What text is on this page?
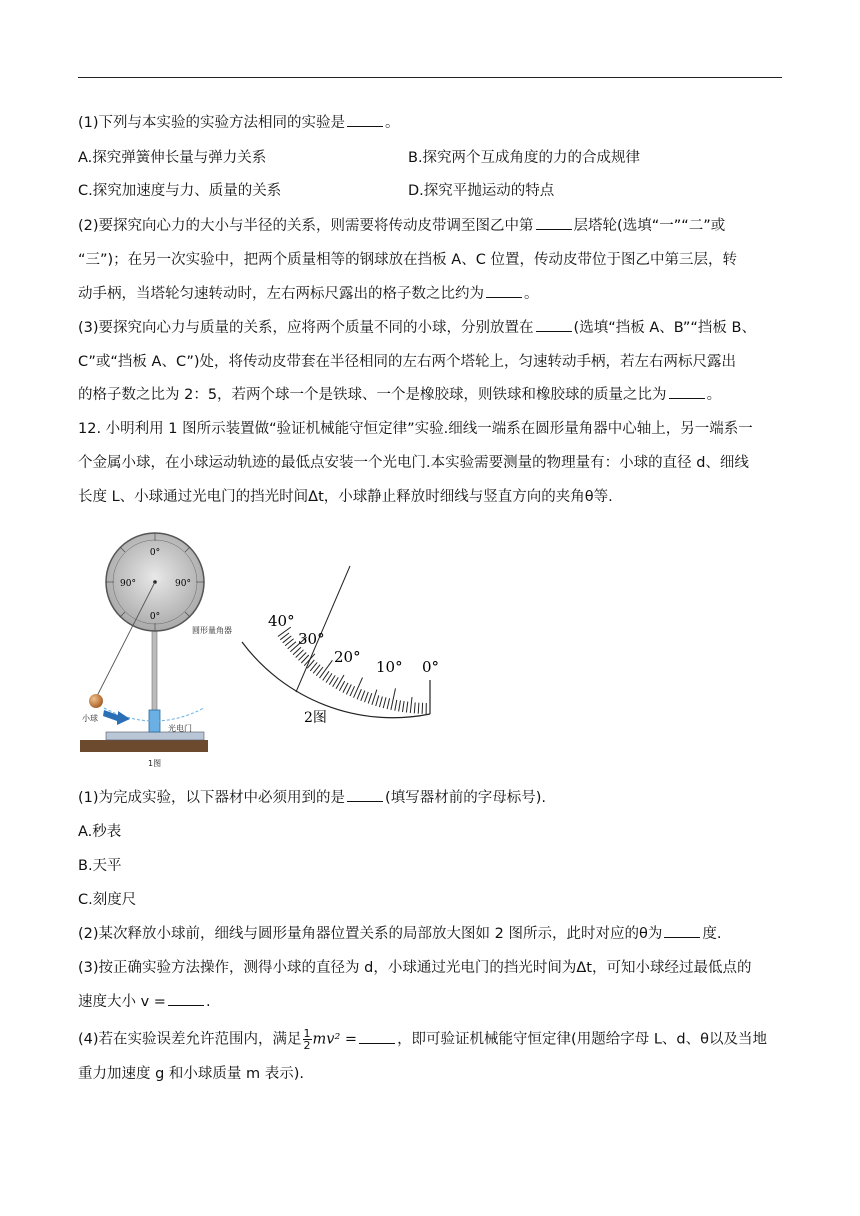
(1)下列与本实验的实验方法相同的实验是	。
A.探究弹簧伸长量与弹力关系	B.探究两个互成角度的力的合成规律
C.探究加速度与力、质量的关系	D.探究平抛运动的特点
(2)要探究向心力的大小与半径的关系，则需要将传动皮带调至图乙中第	层塔轮(选填“一”“二”或
“三”)；在另一次实验中，把两个质量相等的钢球放在挡板 A、C 位置，传动皮带位于图乙中第三层，转
动手柄，当塔轮匀速转动时，左右两标尺露出的格子数之比约为	。
(3)要探究向心力与质量的关系，应将两个质量不同的小球，分别放置在	(选填“挡板 A、B”“挡板 B、
C”或“挡板 A、C”)处，将传动皮带套在半径相同的左右两个塔轮上，匀速转动手柄，若左右两标尺露出
的格子数之比为 2：5，若两个球一个是铁球、一个是橡胶球，则铁球和橡胶球的质量之比为	。
12. 小明利用 1 图所示装置做“验证机械能守恒定律”实验.细线一端系在圆形量角器中心轴上，另一端系一
个金属小球，在小球运动轨迹的最低点安装一个光电门.本实验需要测量的物理量有：小球的直径 d、细线
长度 L、小球通过光电门的挡光时间Δt，小球静止释放时细线与竖直方向的夹角θ等.
0°
0°
90°	90°
圆形量角器
小球
光电门
1图
40°
30°
20°
10° 0°
2图
(1)为完成实验，以下器材中必须用到的是	(填写器材前的字母标号).
A.秒表
B.天平
C.刻度尺
(2)某次释放小球前，细线与圆形量角器位置关系的局部放大图如 2 图所示，此时对应的θ为	度.
(3)按正确实验方法操作，测得小球的直径为 d，小球通过光电门的挡光时间为Δt，可知小球经过最低点的
速度大小 v =	.
(4)若在实验误差允许范围内，满足 $\frac{1}{2} mv^2$ =	，即可验证机械能守恒定律(用题给字母 L、d、θ以及当地
重力加速度 g 和小球质量 m 表示).
